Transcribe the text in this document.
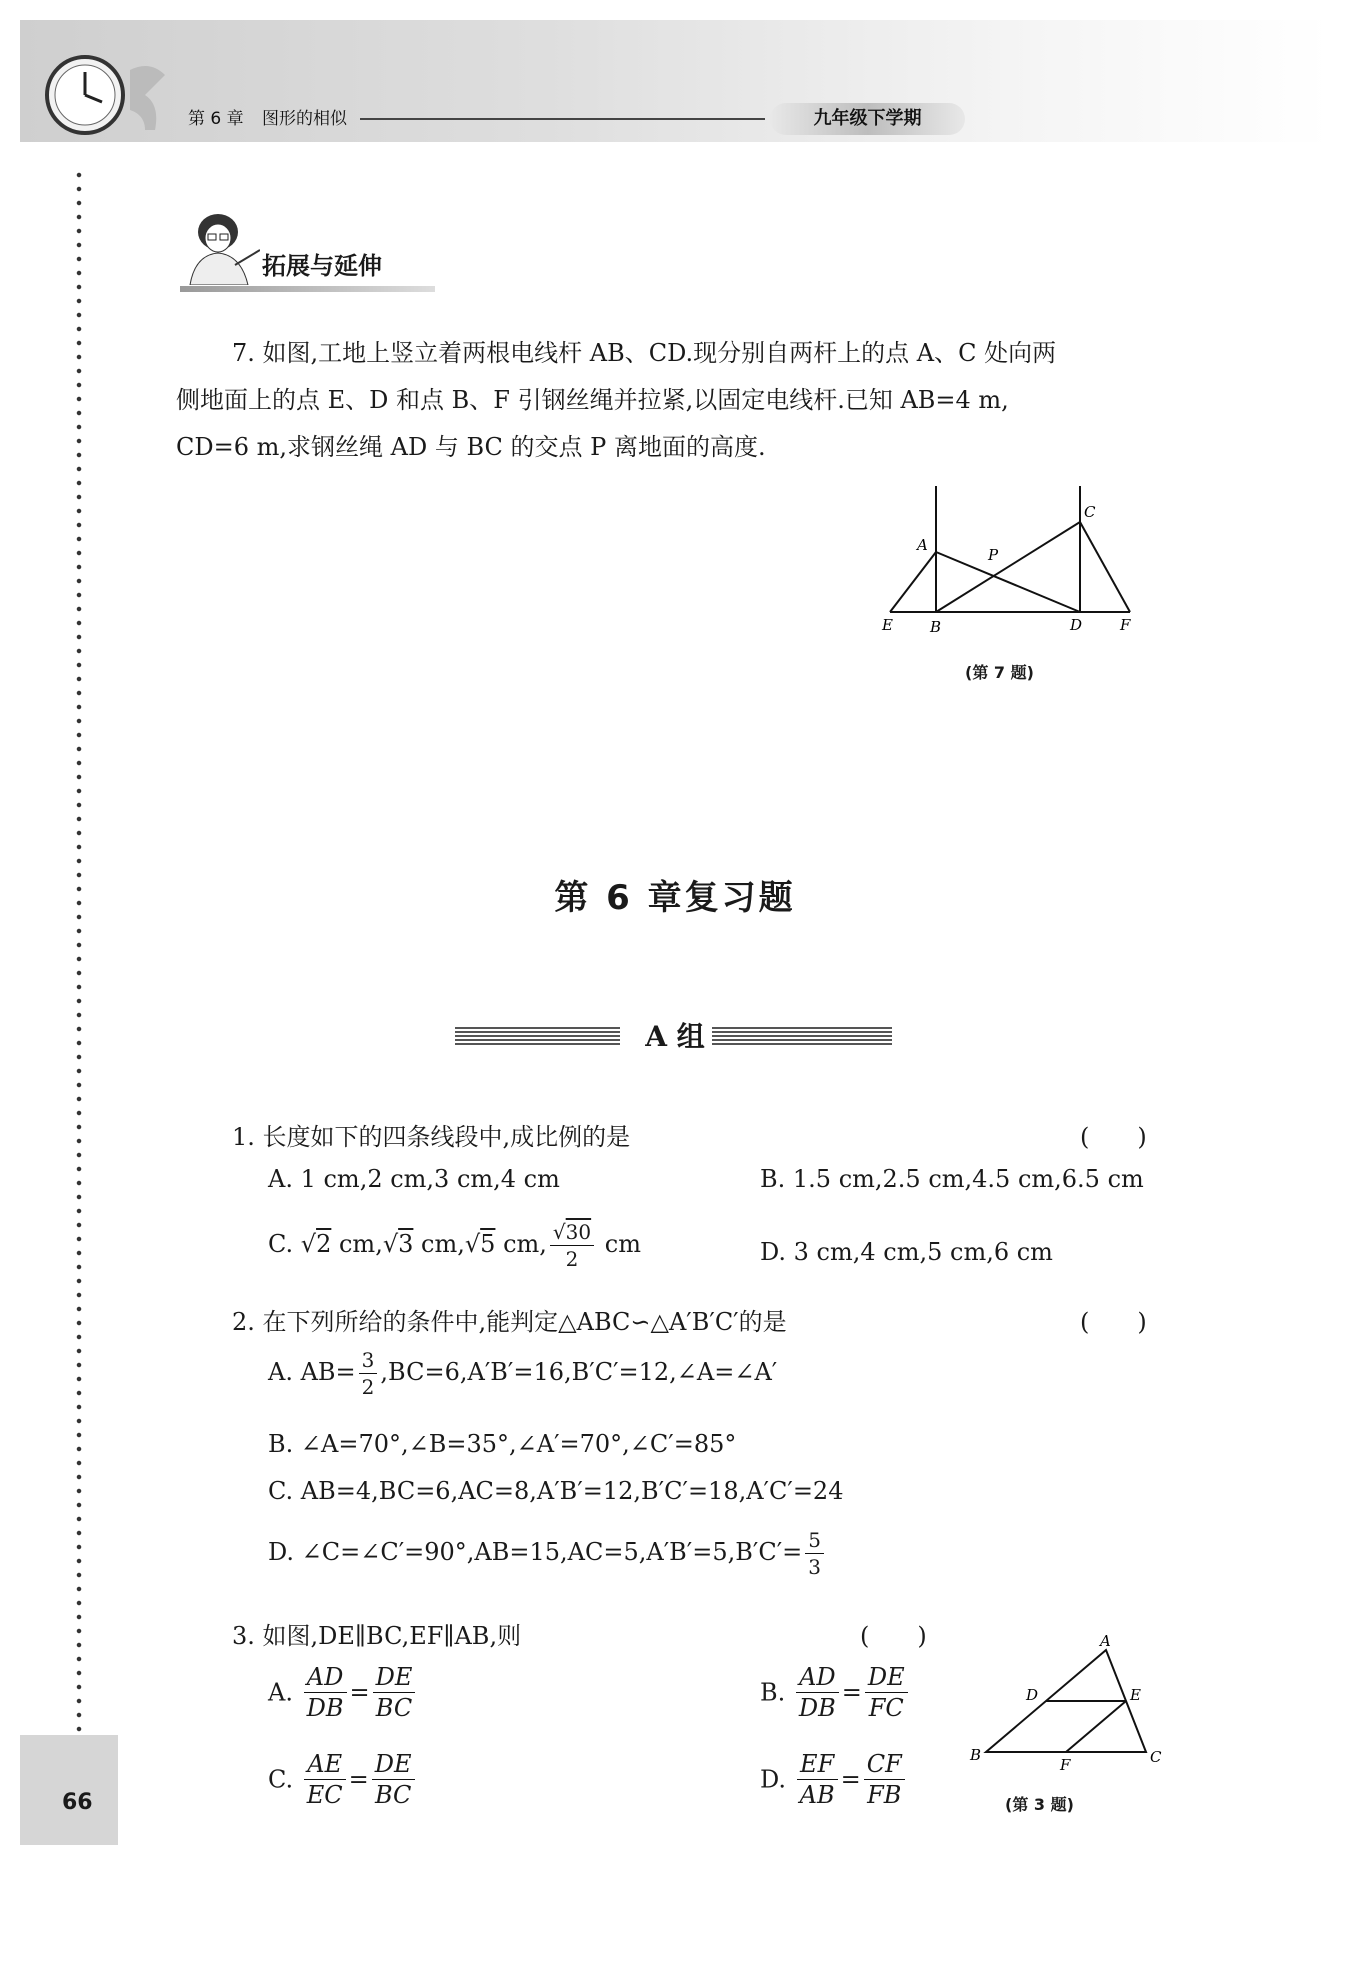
第 6 章 图形的相似	九年级下学期
拓展与延伸
7. 如图,工地上竖立着两根电线杆 AB、CD.现分别自两杆上的点 A、C 处向两
侧地面上的点 E、D 和点 B、F 引钢丝绳并拉紧,以固定电线杆.已知 AB=4 m,
CD=6 m,求钢丝绳 AD 与 BC 的交点 P 离地面的高度.
A
B
C
D
E	F
P
(第 7 题)
第 6 章复习题
A 组
1. 长度如下的四条线段中,成比例的是	(　　)
A. 1 cm,2 cm,3 cm,4 cm	B. 1.5 cm,2.5 cm,4.5 cm,6.5 cm
C. √2 cm,√3 cm,√5 cm, $\frac{√30}{2}$ cm	D. 3 cm,4 cm,5 cm,6 cm
2. 在下列所给的条件中,能判定△ABC∽△A′B′C′的是	(　　)
A. $AB= \frac{3}{2}$ ,BC=6,A′B′=16,B′C′=12,∠A=∠A′
B. ∠A=70°,∠B=35°,∠A′=70°,∠C′=85°
C. AB=4,BC=6,AC=8,A′B′=12,B′C′=18,A′C′=24
D. ∠C=∠C′=90°,AB=15,AC=5,A′B′=5,B′C′= $\frac{5}{3}$
3. 如图,DE∥BC,EF∥AB,则	(　　)
A. $\frac{AD}{DB} = \frac{DE}{BC}$	B. $\frac{AD}{DB} = \frac{DE}{FC}$
C. $\frac{AE}{EC} = \frac{DE}{BC}$	D. $\frac{EF}{AB} = \frac{CF}{FB}$
A
B	C
D	E
F
(第 3 题)
66
